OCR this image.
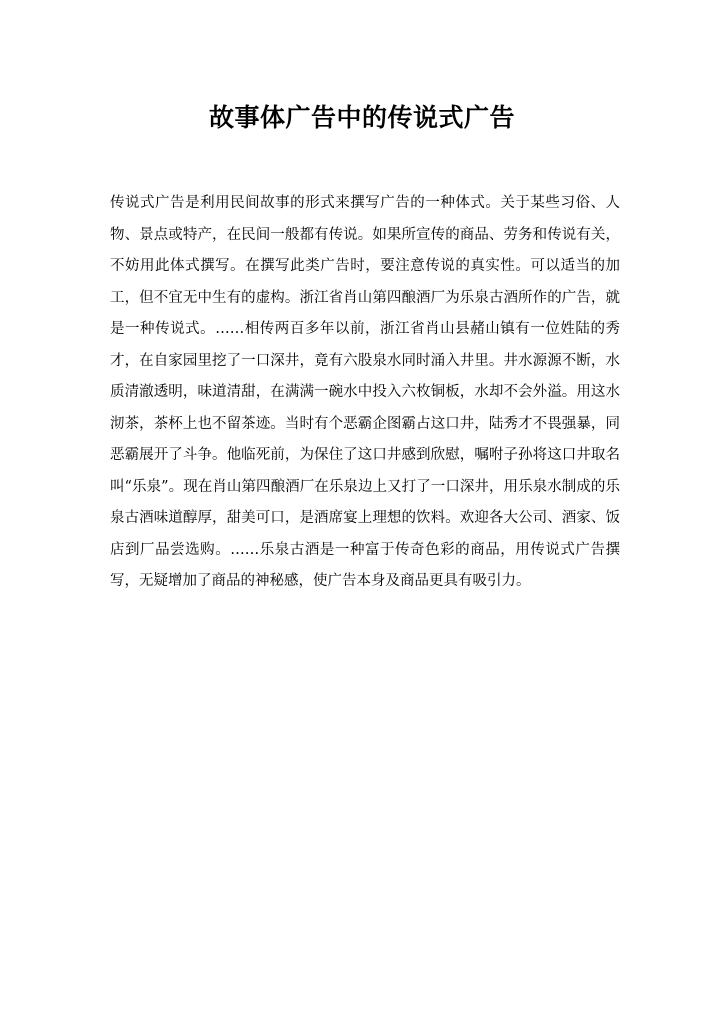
故事体广告中的传说式广告

传说式广告是利用民间故事的形式来撰写广告的一种体式。关于某些习俗、人物、景点或特产，在民间一般都有传说。如果所宣传的商品、劳务和传说有关，不妨用此体式撰写。在撰写此类广告时，要注意传说的真实性。可以适当的加工，但不宜无中生有的虚构。浙江省肖山第四酿酒厂为乐泉古酒所作的广告，就是一种传说式。……相传两百多年以前，浙江省肖山县赭山镇有一位姓陆的秀才，在自家园里挖了一口深井，竟有六股泉水同时涌入井里。井水源源不断，水质清澈透明，味道清甜，在满满一碗水中投入六枚铜板，水却不会外溢。用这水沏茶，茶杯上也不留茶迹。当时有个恶霸企图霸占这口井，陆秀才不畏强暴，同恶霸展开了斗争。他临死前，为保住了这口井感到欣慰，嘱咐子孙将这口井取名叫“乐泉”。现在肖山第四酿酒厂在乐泉边上又打了一口深井，用乐泉水制成的乐泉古酒味道醇厚，甜美可口，是酒席宴上理想的饮料。欢迎各大公司、酒家、饭店到厂品尝选购。……乐泉古酒是一种富于传奇色彩的商品，用传说式广告撰写，无疑增加了商品的神秘感，使广告本身及商品更具有吸引力。
